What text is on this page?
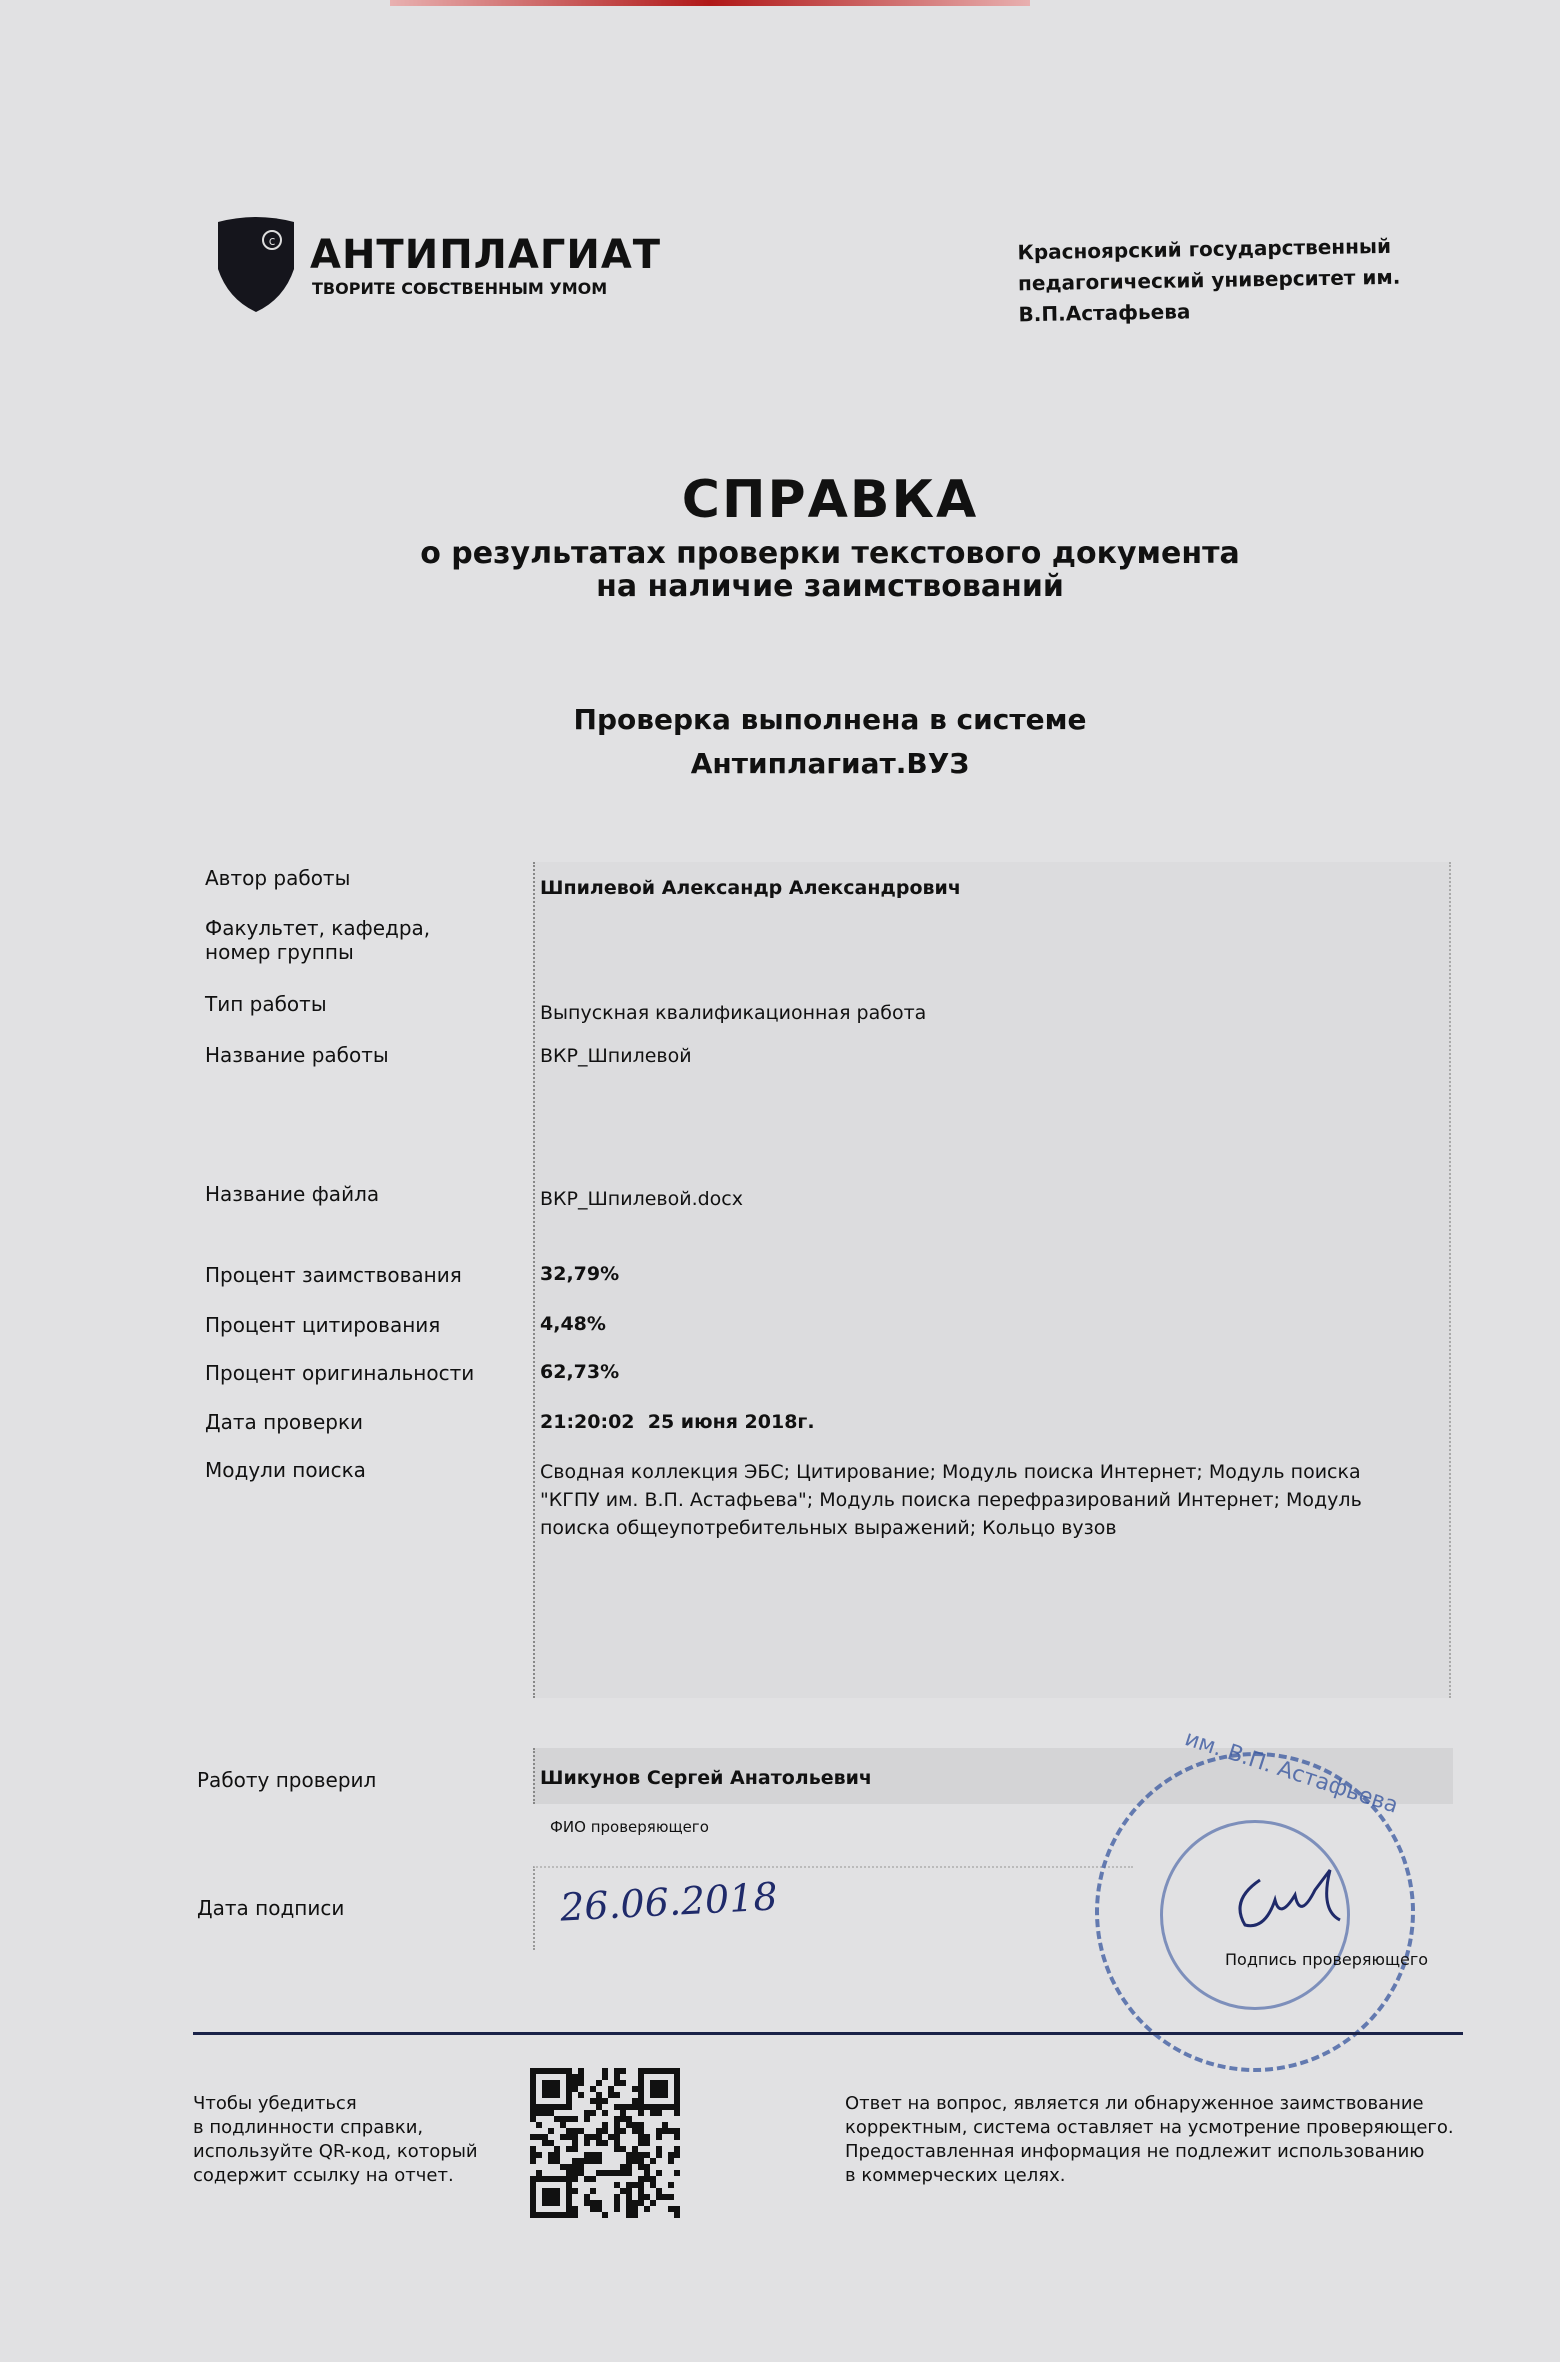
c АНТИПЛАГИАТ
ТВОРИТЕ СОБСТВЕННЫМ УМОМ
Красноярский государственный
педагогический университет им.
В.П.Астафьева
СПРАВКА
о результатах проверки текстового документа
на наличие заимствований
Проверка выполнена в системе
Антиплагиат.ВУЗ
Автор работы	Шпилевой Александр Александрович
Факультет, кафедра,
номер группы
Тип работы	Выпускная квалификационная работа
Название работы	ВКР_Шпилевой
Название файла	ВКР_Шпилевой.docx
Процент заимствования	32,79%
Процент цитирования	4,48%
Процент оригинальности	62,73%
Дата проверки	21:20:02  25 июня 2018г.
Модули поиска	Сводная коллекция ЭБС; Цитирование; Модуль поиска Интернет; Модуль поиска
"КГПУ им. В.П. Астафьева"; Модуль поиска перефразирований Интернет; Модуль
поиска общеупотребительных выражений; Кольцо вузов
Работу проверил	Шикунов Сергей Анатольевич
ФИО проверяющего
Дата подписи	26.06.2018
им. В.П. Астафьева
Подпись проверяющего
Чтобы убедиться
в подлинности справки,
используйте QR-код, который
содержит ссылку на отчет.
Ответ на вопрос, является ли обнаруженное заимствование
корректным, система оставляет на усмотрение проверяющего.
Предоставленная информация не подлежит использованию
в коммерческих целях.
